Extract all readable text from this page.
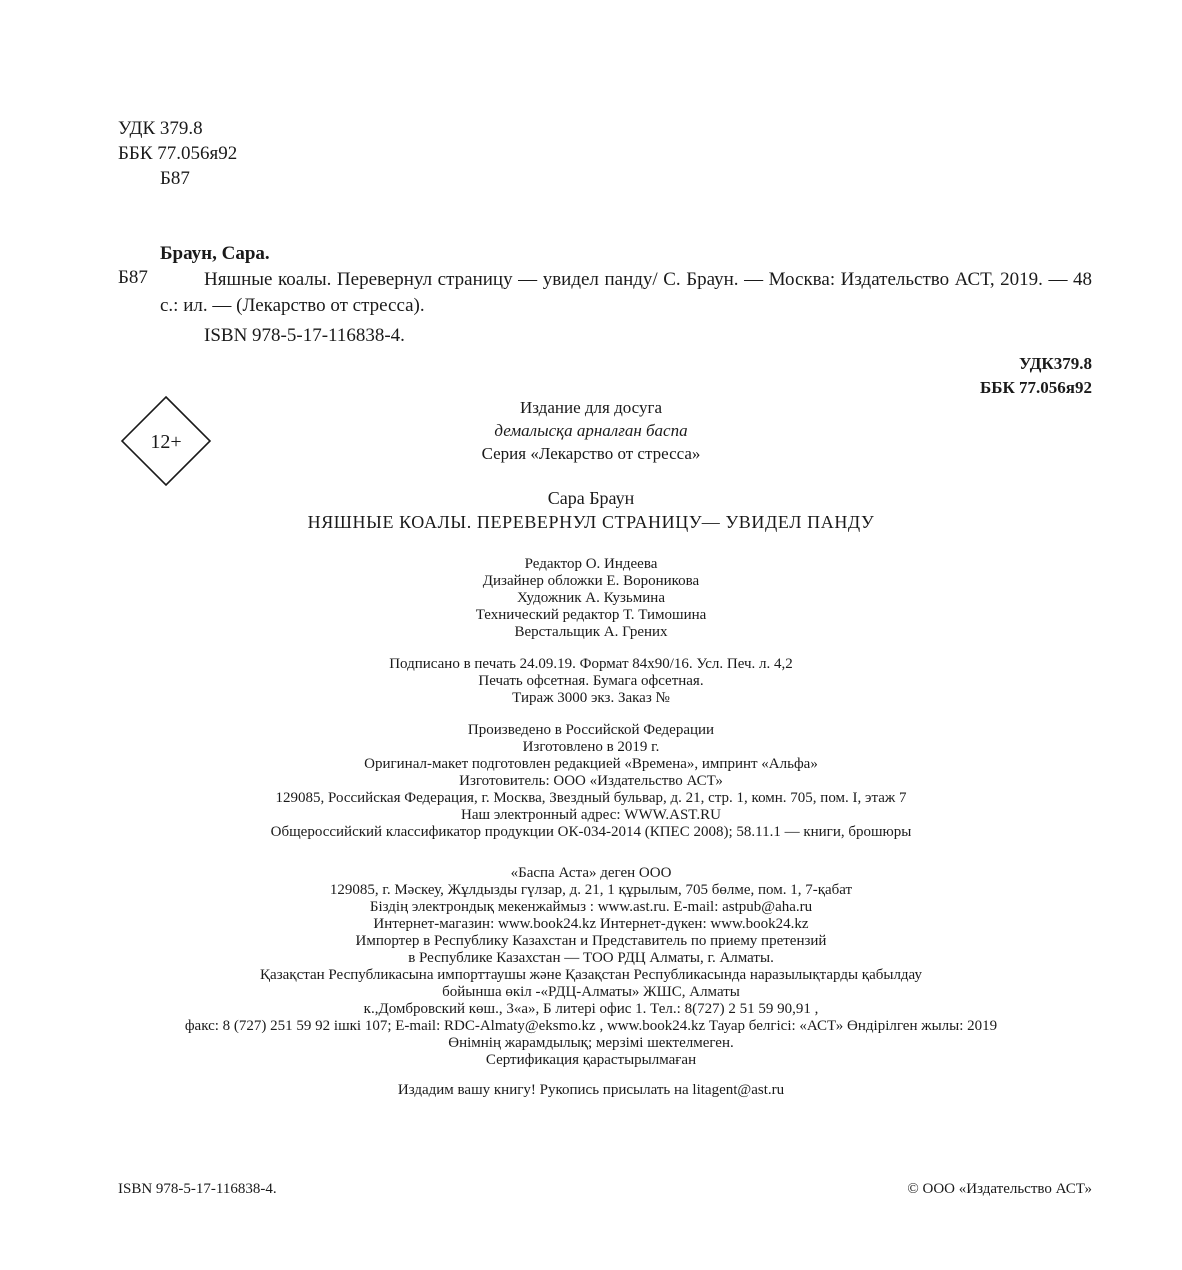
УДК 379.8
ББК 77.056я92
Б87
Браун, Сара.
Б87	Няшные коалы. Перевернул страницу — увидел панду/ С. Браун. — Москва: Издательство АСТ, 2019. — 48 с.: ил. — (Лекарство от стресса).
ISBN 978-5-17-116838-4.
УДК379.8
ББК 77.056я92
12+
Издание для досуга
демалысқа арналған баспа
Серия «Лекарство от стресса»
Сара Браун
НЯШНЫЕ КОАЛЫ. ПЕРЕВЕРНУЛ СТРАНИЦУ— УВИДЕЛ ПАНДУ
Редактор О. Индеева
Дизайнер обложки Е. Вороникова
Художник А. Кузьмина
Технический редактор Т. Тимошина
Верстальщик А. Грених
Подписано в печать 24.09.19. Формат 84х90/16. Усл. Печ. л. 4,2
Печать офсетная. Бумага офсетная.
Тираж 3000 экз. Заказ №
Произведено в Российской Федерации
Изготовлено в 2019 г.
Оригинал-макет подготовлен редакцией «Времена», импринт «Альфа»
Изготовитель: ООО «Издательство АСТ»
129085, Российская Федерация, г. Москва, Звездный бульвар, д. 21, стр. 1, комн. 705, пом. I, этаж 7
Наш электронный адрес: WWW.AST.RU
Общероссийский классификатор продукции ОК-034-2014 (КПЕС 2008); 58.11.1 — книги, брошюры
«Баспа Аста» деген ООО
129085, г. Мәскеу, Жұлдызды гүлзар, д. 21, 1 құрылым, 705 бөлме, пом. 1, 7-қабат
Біздің электрондық мекенжаймыз : www.ast.ru. E-mail: astpub@aha.ru
Интернет-магазин: www.book24.kz Интернет-дүкен: www.book24.kz
Импортер в Республику Казахстан и Представитель по приему претензий
в Республике Казахстан — ТОО РДЦ Алматы, г. Алматы.
Қазақстан Республикасына импорттаушы және Қазақстан Республикасында наразылықтарды қабылдау
бойынша өкіл -«РДЦ-Алматы» ЖШС, Алматы
к.,Домбровский көш., 3«а», Б литері офис 1. Тел.: 8(727) 2 51 59 90,91 ,
факс: 8 (727) 251 59 92 ішкі 107; E-mail: RDC-Almaty@eksmo.kz , www.book24.kz Тауар белгісі: «АСТ» Өндірілген жылы: 2019
Өнімнің жарамдылық; мерзімі шектелмеген.
Сертификация қарастырылмаған
Издадим вашу книгу! Рукопись присылать на litagent@ast.ru
ISBN 978-5-17-116838-4.	© ООО «Издательство АСТ»
